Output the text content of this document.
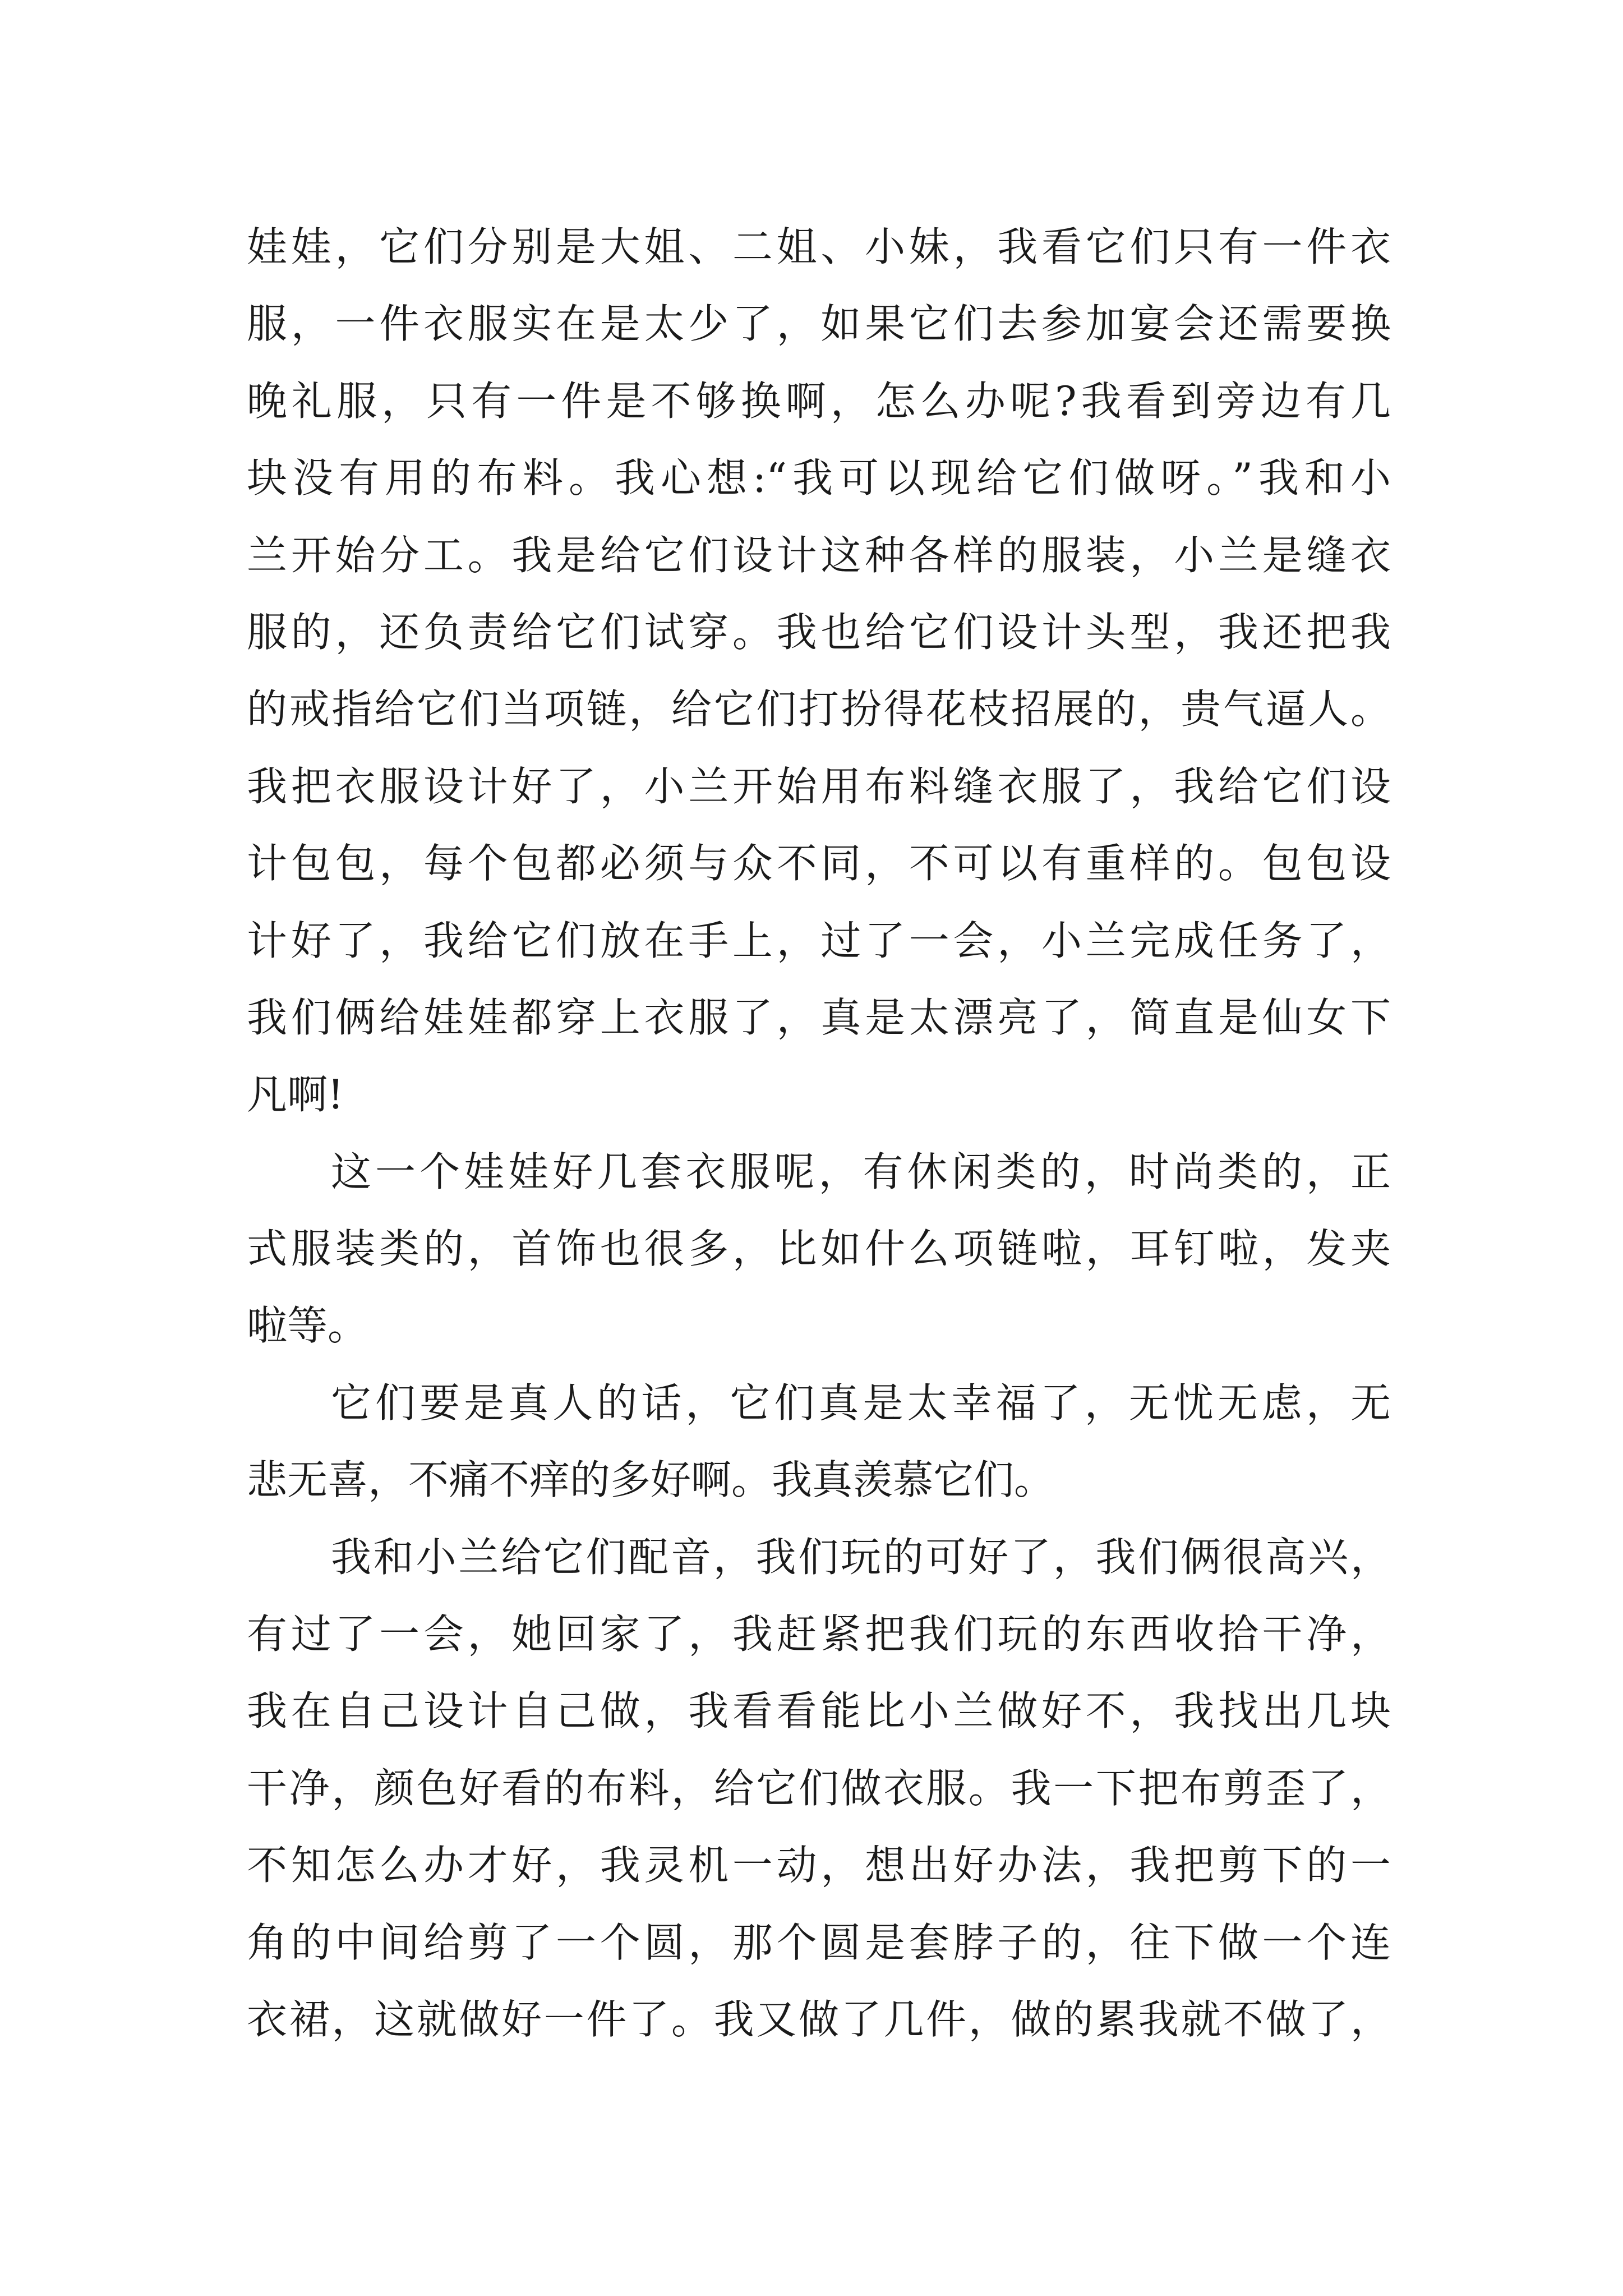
娃娃，它们分别是大姐、二姐、小妹，我看它们只有一件衣
服，一件衣服实在是太少了，如果它们去参加宴会还需要换
晚礼服，只有一件是不够换啊，怎么办呢?我看到旁边有几
块没有用的布料。我心想:“我可以现给它们做呀。”我和小
兰开始分工。我是给它们设计这种各样的服装，小兰是缝衣
服的，还负责给它们试穿。我也给它们设计头型，我还把我
的戒指给它们当项链，给它们打扮得花枝招展的，贵气逼人。
我把衣服设计好了，小兰开始用布料缝衣服了，我给它们设
计包包，每个包都必须与众不同，不可以有重样的。包包设
计好了，我给它们放在手上，过了一会，小兰完成任务了，
我们俩给娃娃都穿上衣服了，真是太漂亮了，简直是仙女下
凡啊!
这一个娃娃好几套衣服呢，有休闲类的，时尚类的，正
式服装类的，首饰也很多，比如什么项链啦，耳钉啦，发夹
啦等。
它们要是真人的话，它们真是太幸福了，无忧无虑，无
悲无喜，不痛不痒的多好啊。我真羡慕它们。
我和小兰给它们配音，我们玩的可好了，我们俩很高兴，
有过了一会，她回家了，我赶紧把我们玩的东西收拾干净，
我在自己设计自己做，我看看能比小兰做好不，我找出几块
干净，颜色好看的布料，给它们做衣服。我一下把布剪歪了，
不知怎么办才好，我灵机一动，想出好办法，我把剪下的一
角的中间给剪了一个圆，那个圆是套脖子的，往下做一个连
衣裙，这就做好一件了。我又做了几件，做的累我就不做了，
